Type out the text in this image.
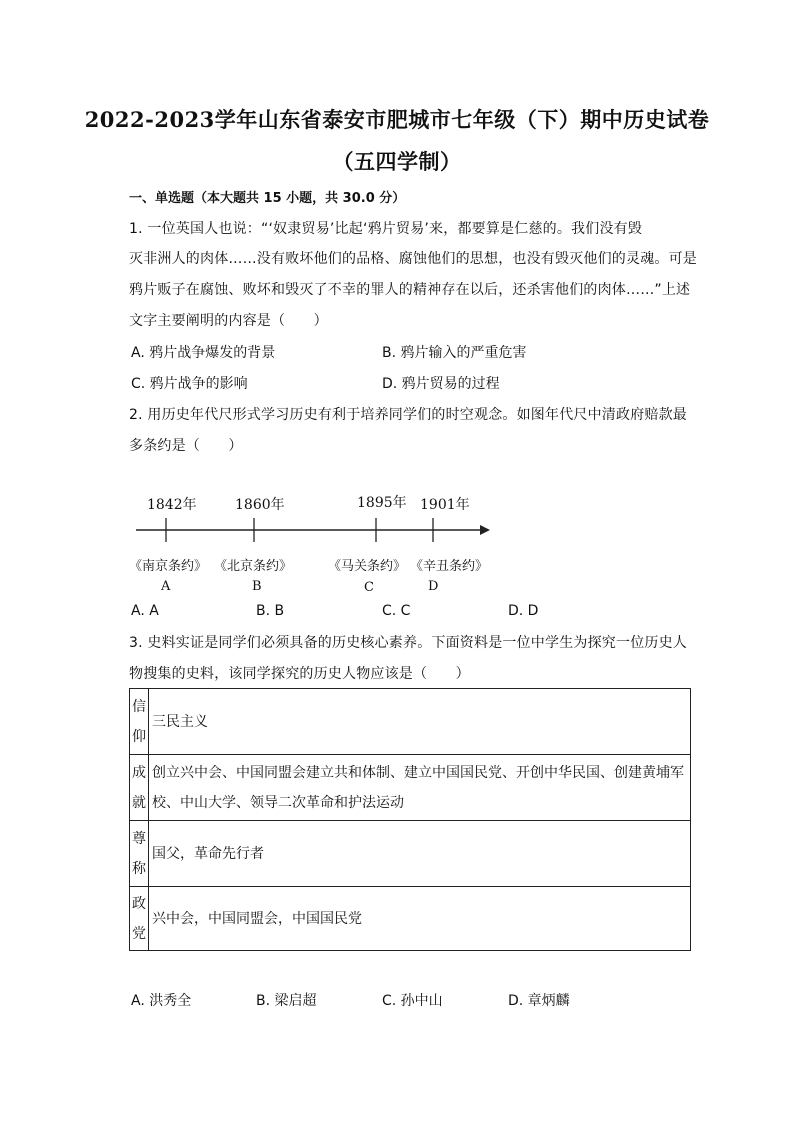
2022-2023学年山东省泰安市肥城市七年级（下）期中历史试卷
（五四学制）
一、单选题（本大题共 15 小题，共 30.0 分）
1. 一位英国人也说：“‘奴隶贸易’比起‘鸦片贸易’来，都要算是仁慈的。我们没有毁
灭非洲人的肉体……没有败坏他们的品格、腐蚀他们的思想，也没有毁灭他们的灵魂。可是
鸦片贩子在腐蚀、败坏和毁灭了不幸的罪人的精神存在以后，还杀害他们的肉体……”上述
文字主要阐明的内容是（　　）
A. 鸦片战争爆发的背景	B. 鸦片输入的严重危害
C. 鸦片战争的影响	D. 鸦片贸易的过程
2. 用历史年代尺形式学习历史有利于培养同学们的时空观念。如图年代尺中清政府赔款最
多条约是（　　）
1842年	1860年	1895年 1901年
《南京条约》 《北京条约》	《马关条约》 《辛丑条约》
A	B	C	D
A. A	B. B	C. C	D. D
3. 史料实证是同学们必须具备的历史核心素养。下面资料是一位中学生为探究一位历史人
物搜集的史料，该同学探究的历史人物应该是（　　）
信
仰	三民主义
成
就	创立兴中会、中国同盟会建立共和体制、建立中国国民党、开创中华民国、创建黄埔军
校、中山大学、领导二次革命和护法运动
尊
称	国父，革命先行者
政
党	兴中会，中国同盟会，中国国民党
A. 洪秀全	B. 梁启超	C. 孙中山	D. 章炳麟
